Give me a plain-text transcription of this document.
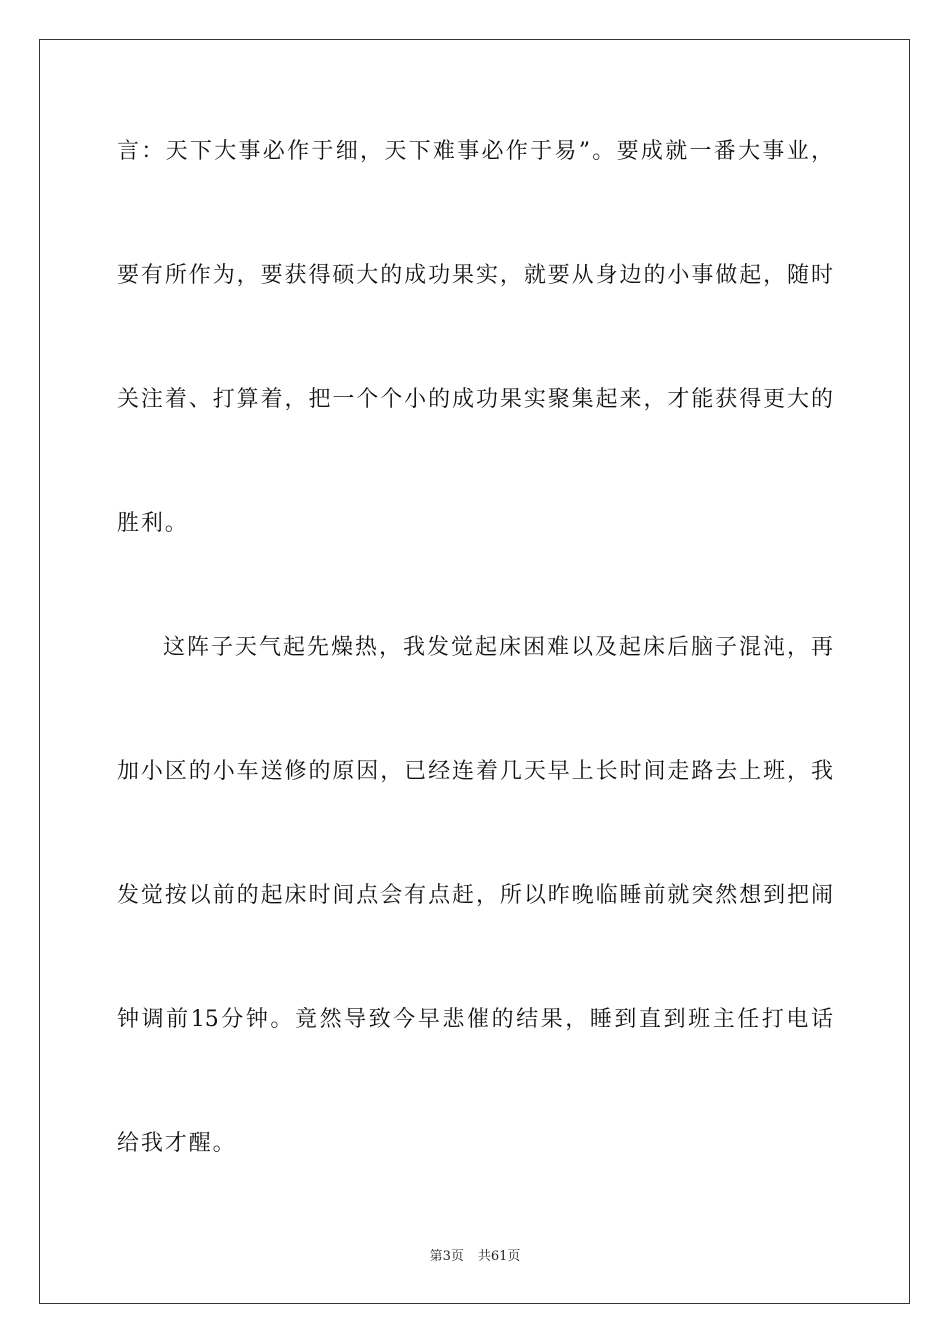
言：天下大事必作于细，天下难事必作于易”。要成就一番大事业，
要有所作为，要获得硕大的成功果实，就要从身边的小事做起，随时
关注着、打算着，把一个个小的成功果实聚集起来，才能获得更大的
胜利。
这阵子天气起先燥热，我发觉起床困难以及起床后脑子混沌，再
加小区的小车送修的原因，已经连着几天早上长时间走路去上班，我
发觉按以前的起床时间点会有点赶，所以昨晚临睡前就突然想到把闹
钟调前15分钟。竟然导致今早悲催的结果，睡到直到班主任打电话
给我才醒。
第3页 共61页
